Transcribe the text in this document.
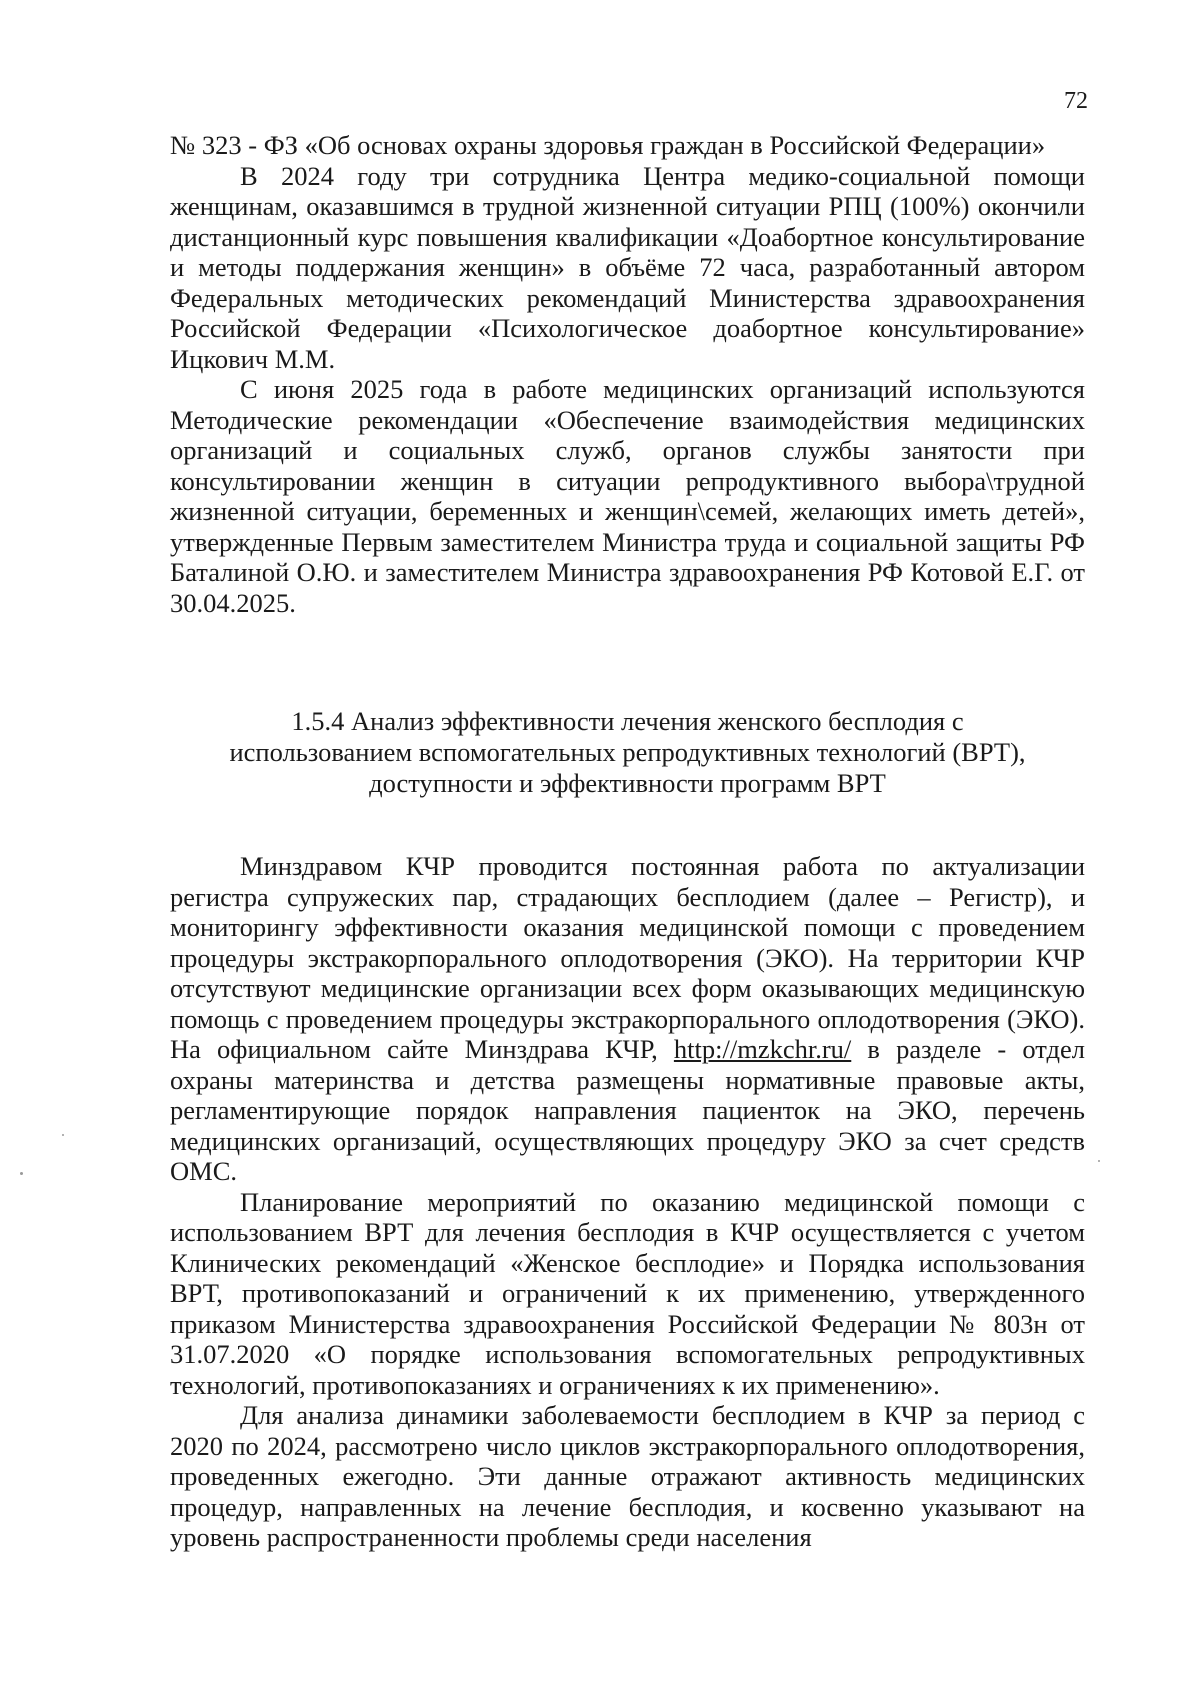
72

№ 323 - ФЗ «Об основах охраны здоровья граждан в Российской Федерации»

В 2024 году три сотрудника Центра медико-социальной помощи женщинам, оказавшимся в трудной жизненной ситуации РПЦ (100%) окончили дистанционный курс повышения квалификации «Доабортное консультирование и методы поддержания женщин» в объёме 72 часа, разработанный автором Федеральных методических рекомендаций Министерства здравоохранения Российской Федерации «Психологическое доабортное консультирование» Ицкович М.М.

С июня 2025 года в работе медицинских организаций используются Методические рекомендации «Обеспечение взаимодействия медицинских организаций и социальных служб, органов службы занятости при консультировании женщин в ситуации репродуктивного выбора\трудной жизненной ситуации, беременных и женщин\семей, желающих иметь детей», утвержденные Первым заместителем Министра труда и социальной защиты РФ Баталиной О.Ю. и заместителем Министра здравоохранения РФ Котовой Е.Г. от 30.04.2025.

1.5.4 Анализ эффективности лечения женского бесплодия с
использованием вспомогательных репродуктивных технологий (ВРТ),
доступности и эффективности программ ВРТ

Минздравом КЧР проводится постоянная работа по актуализации регистра супружеских пар, страдающих бесплодием (далее – Регистр), и мониторингу эффективности оказания медицинской помощи с проведением процедуры экстракорпорального оплодотворения (ЭКО). На территории КЧР отсутствуют медицинские организации всех форм оказывающих медицинскую помощь с проведением процедуры экстракорпорального оплодотворения (ЭКО). На официальном сайте Минздрава КЧР, http://mzkchr.ru/ в разделе - отдел охраны материнства и детства размещены нормативные правовые акты, регламентирующие порядок направления пациенток на ЭКО, перечень медицинских организаций, осуществляющих процедуру ЭКО за счет средств ОМС.

Планирование мероприятий по оказанию медицинской помощи с использованием ВРТ для лечения бесплодия в КЧР осуществляется с учетом Клинических рекомендаций «Женское бесплодие» и Порядка использования ВРТ, противопоказаний и ограничений к их применению, утвержденного приказом Министерства здравоохранения Российской Федерации № 803н от 31.07.2020 «О порядке использования вспомогательных репродуктивных технологий, противопоказаниях и ограничениях к их применению».

Для анализа динамики заболеваемости бесплодием в КЧР за период с 2020 по 2024, рассмотрено число циклов экстракорпорального оплодотворения, проведенных ежегодно. Эти данные отражают активность медицинских процедур, направленных на лечение бесплодия, и косвенно указывают на уровень распространенности проблемы среди населения
